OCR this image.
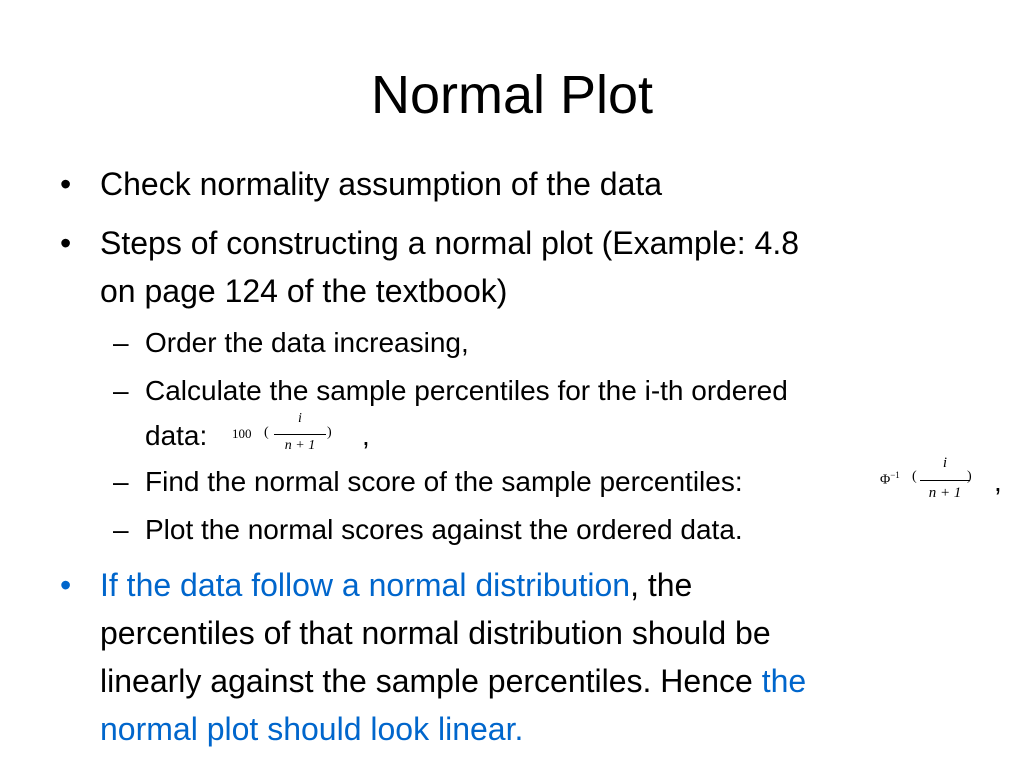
Normal Plot
• Check normality assumption of the data
• Steps of constructing a normal plot (Example: 4.8
on page 124 of the textbook)
– Order the data increasing,
– Calculate the sample percentiles for the i-th ordered
data:	,
100 (
i
n + 1
)
– Find the normal score of the sample percentiles:	,
$\Phi^{-1}$ (
i
n + 1
)
– Plot the normal scores against the ordered data.
• If the data follow a normal distribution, the
percentiles of that normal distribution should be
linearly against the sample percentiles. Hence the
normal plot should look linear.
